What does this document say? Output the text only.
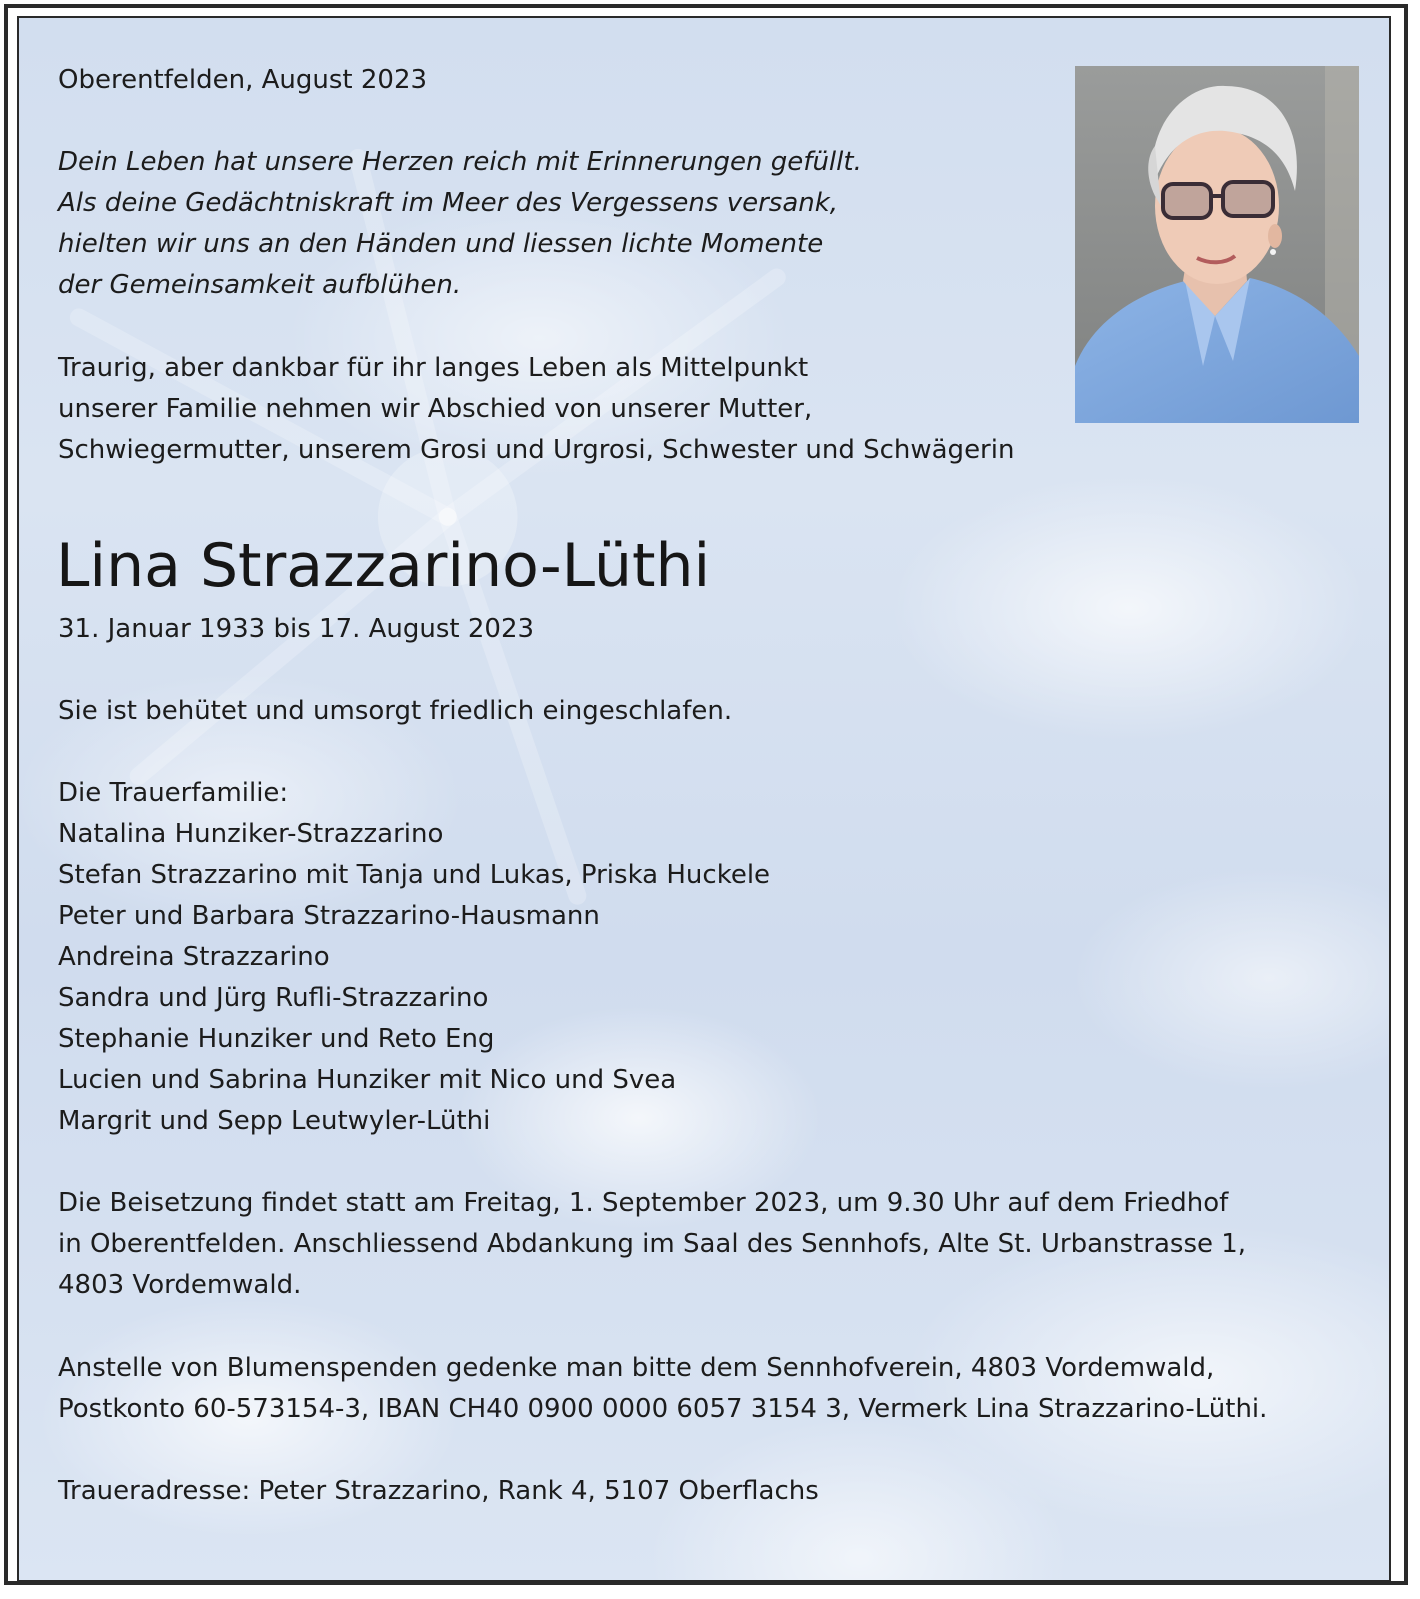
Oberentfelden, August 2023

Dein Leben hat unsere Herzen reich mit Erinnerungen gefüllt.
Als deine Gedächtniskraft im Meer des Vergessens versank,
hielten wir uns an den Händen und liessen lichte Momente
der Gemeinsamkeit aufblühen.

Traurig, aber dankbar für ihr langes Leben als Mittelpunkt
unserer Familie nehmen wir Abschied von unserer Mutter,
Schwiegermutter, unserem Grosi und Urgrosi, Schwester und Schwägerin

Lina Strazzarino-Lüthi

31. Januar 1933 bis 17. August 2023

Sie ist behütet und umsorgt friedlich eingeschlafen.

Die Trauerfamilie:
Natalina Hunziker-Strazzarino
Stefan Strazzarino mit Tanja und Lukas, Priska Huckele
Peter und Barbara Strazzarino-Hausmann
Andreina Strazzarino
Sandra und Jürg Rufli-Strazzarino
Stephanie Hunziker und Reto Eng
Lucien und Sabrina Hunziker mit Nico und Svea
Margrit und Sepp Leutwyler-Lüthi

Die Beisetzung findet statt am Freitag, 1. September 2023, um 9.30 Uhr auf dem Friedhof
in Oberentfelden. Anschliessend Abdankung im Saal des Sennhofs, Alte St. Urbanstrasse 1,
4803 Vordemwald.

Anstelle von Blumenspenden gedenke man bitte dem Sennhofverein, 4803 Vordemwald,
Postkonto 60-573154-3, IBAN CH40 0900 0000 6057 3154 3, Vermerk Lina Strazzarino-Lüthi.

Traueradresse: Peter Strazzarino, Rank 4, 5107 Oberflachs
